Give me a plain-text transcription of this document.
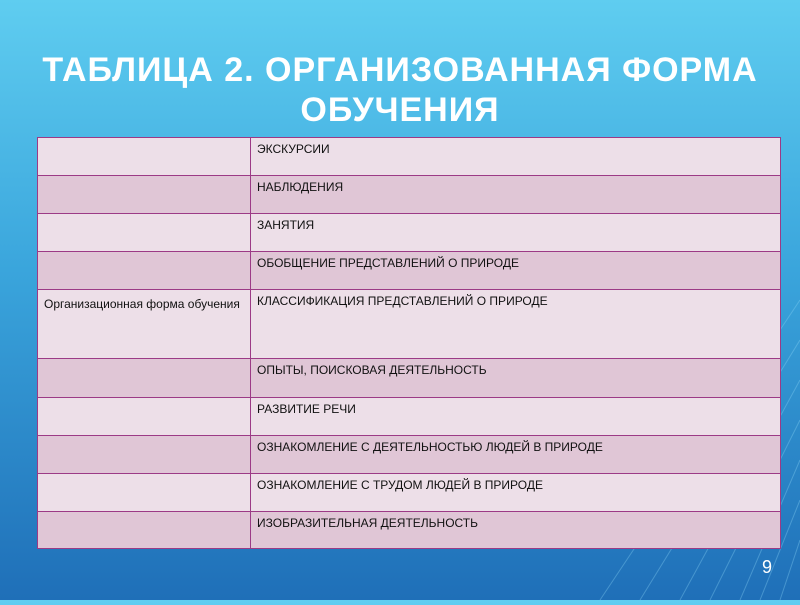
ТАБЛИЦА 2. ОРГАНИЗОВАННАЯ ФОРМА ОБУЧЕНИЯ
	ЭКСКУРСИИ
	НАБЛЮДЕНИЯ
	ЗАНЯТИЯ
	ОБОБЩЕНИЕ ПРЕДСТАВЛЕНИЙ О ПРИРОДЕ
Организационная форма обучения	КЛАССИФИКАЦИЯ ПРЕДСТАВЛЕНИЙ О ПРИРОДЕ
	ОПЫТЫ, ПОИСКОВАЯ ДЕЯТЕЛЬНОСТЬ
	РАЗВИТИЕ РЕЧИ
	ОЗНАКОМЛЕНИЕ С ДЕЯТЕЛЬНОСТЬЮ ЛЮДЕЙ В ПРИРОДЕ
	ОЗНАКОМЛЕНИЕ С ТРУДОМ ЛЮДЕЙ В ПРИРОДЕ
	ИЗОБРАЗИТЕЛЬНАЯ ДЕЯТЕЛЬНОСТЬ
9
